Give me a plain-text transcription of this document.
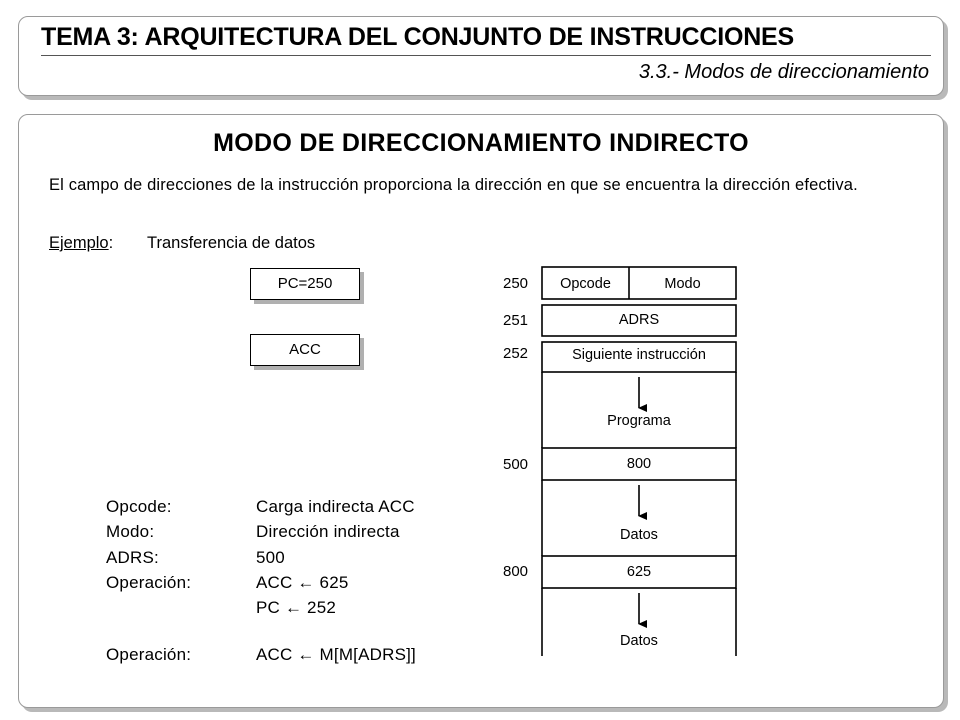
TEMA 3: ARQUITECTURA DEL CONJUNTO DE INSTRUCCIONES
3.3.- Modos de direccionamiento
MODO DE DIRECCIONAMIENTO INDIRECTO
El campo de direcciones de la instrucción proporciona la dirección en que se encuentra la dirección efectiva.
Ejemplo: Transferencia de datos
PC=250
ACC
250
251
252
500
800
Opcode	Modo
ADRS
Siguiente instrucción
Programa
800
Datos
625
Datos
Opcode:	Carga indirecta ACC
Modo:	Dirección indirecta
ADRS:	500
Operación:	ACC ← 625
PC ← 252
Operación:	ACC ← M[M[ADRS]]
